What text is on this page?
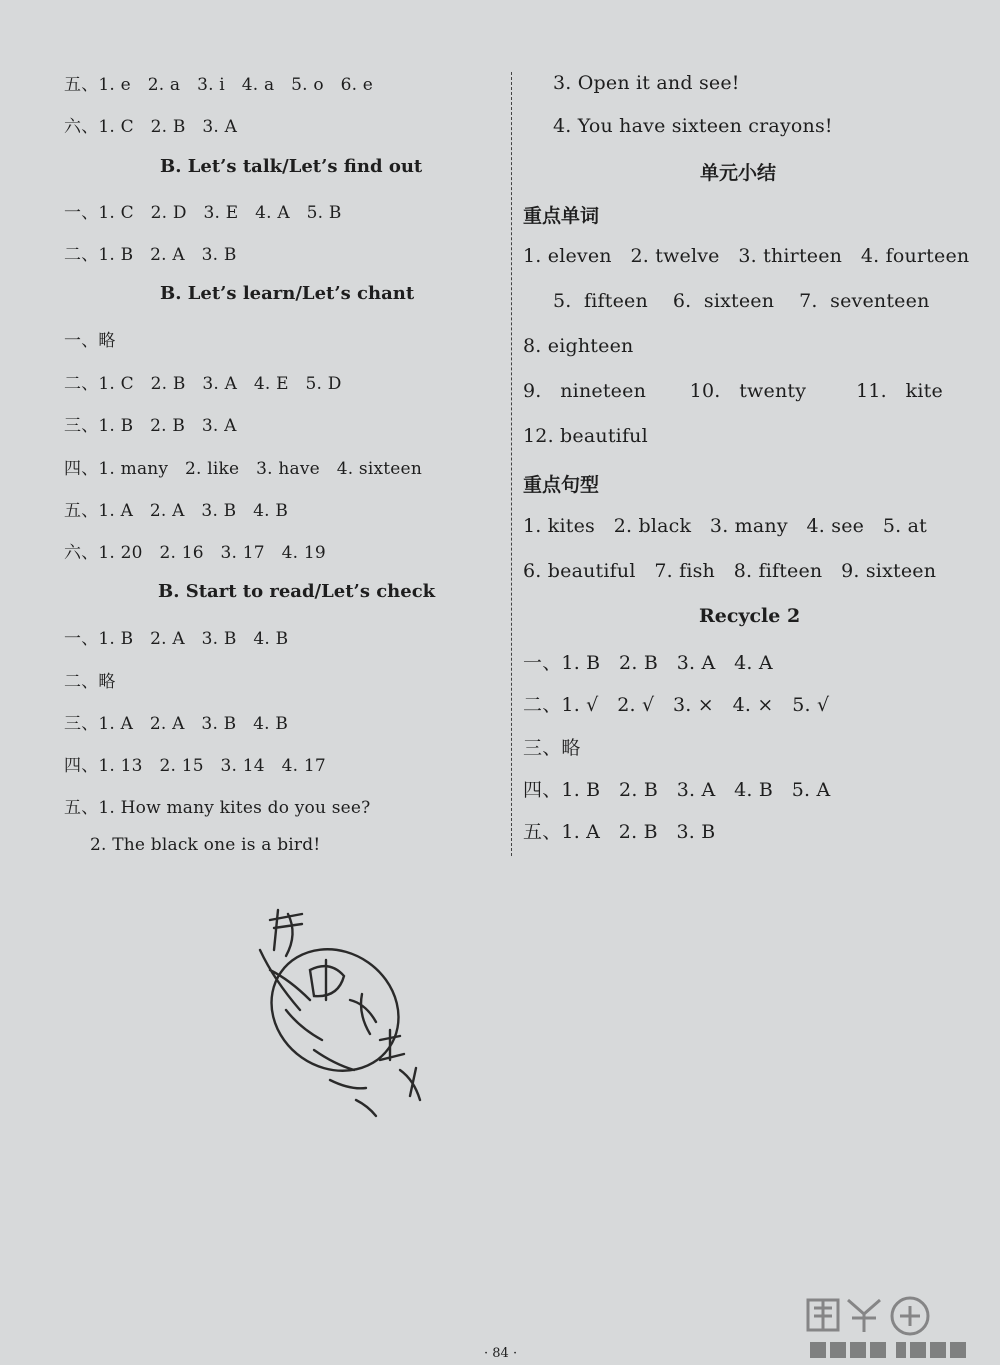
五、1. e   2. a   3. i   4. a   5. o   6. e
六、1. C   2. B   3. A
B. Let’s talk/Let’s find out
一、1. C   2. D   3. E   4. A   5. B
二、1. B   2. A   3. B
B. Let’s learn/Let’s chant
一、略
二、1. C   2. B   3. A   4. E   5. D
三、1. B   2. B   3. A
四、1. many   2. like   3. have   4. sixteen
五、1. A   2. A   3. B   4. B
六、1. 20   2. 16   3. 17   4. 19
B. Start to read/Let’s check
一、1. B   2. A   3. B   4. B
二、略
三、1. A   2. A   3. B   4. B
四、1. 13   2. 15   3. 14   4. 17
五、1. How many kites do you see?
2. The black one is a bird!
3. Open it and see!
4. You have sixteen crayons!
单元小结
重点单词
1. eleven   2. twelve   3. thirteen   4. fourteen
5.  fifteen    6.  sixteen    7.  seventeen
8. eighteen
9.   nineteen       10.   twenty        11.   kite
12. beautiful
重点句型
1. kites   2. black   3. many   4. see   5. at
6. beautiful   7. fish   8. fifteen   9. sixteen
Recycle 2
一、1. B   2. B   3. A   4. A
二、1. √   2. √   3. ×   4. ×   5. √
三、略
四、1. B   2. B   3. A   4. B   5. A
五、1. A   2. B   3. B
· 84 ·
